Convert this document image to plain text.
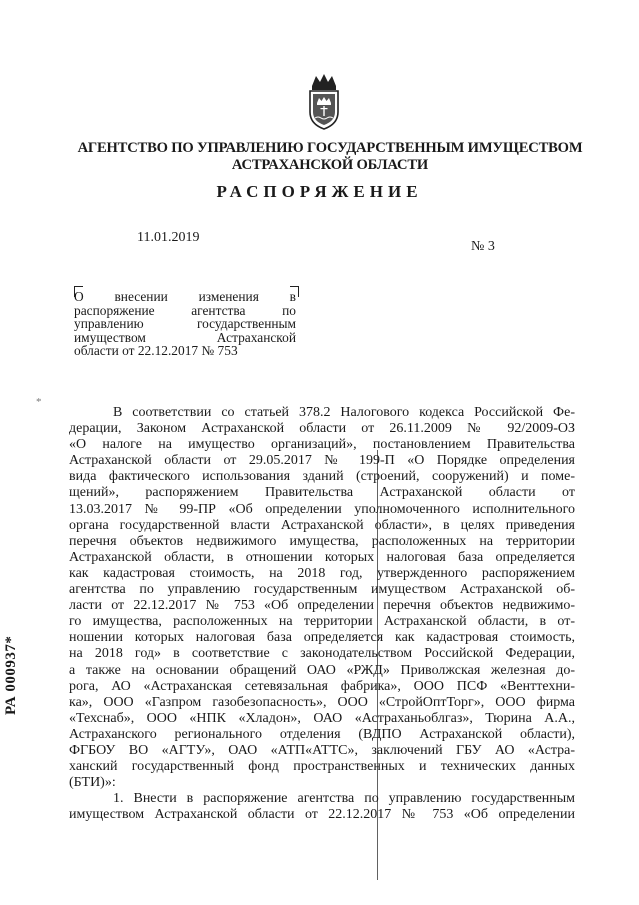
АГЕНТСТВО ПО УПРАВЛЕНИЮ ГОСУДАРСТВЕННЫМ ИМУЩЕСТВОМ
АСТРАХАНСКОЙ ОБЛАСТИ
РАСПОРЯЖЕНИЕ
11.01.2019
№ 3
О внесении изменения в
распоряжение агентства по
управлению государственным
имуществом Астраханской
области от 22.12.2017 № 753
В соответствии со статьей 378.2 Налогового кодекса Российской Фе-
дерации, Законом Астраханской области от 26.11.2009 № 92/2009-ОЗ
«О налоге на имущество организаций», постановлением Правительства
Астраханской области от 29.05.2017 № 199-П «О Порядке определения
вида фактического использования зданий (строений, сооружений) и поме-
щений», распоряжением Правительства Астраханской области от
13.03.2017 № 99-ПР «Об определении уполномоченного исполнительного
органа государственной власти Астраханской области», в целях приведения
перечня объектов недвижимого имущества, расположенных на территории
Астраханской области, в отношении которых налоговая база определяется
как кадастровая стоимость, на 2018 год, утвержденного распоряжением
агентства по управлению государственным имуществом Астраханской об-
ласти от 22.12.2017 № 753 «Об определении перечня объектов недвижимо-
го имущества, расположенных на территории Астраханской области, в от-
ношении которых налоговая база определяется как кадастровая стоимость,
на 2018 год» в соответствие с законодательством Российской Федерации,
а также на основании обращений ОАО «РЖД» Приволжская железная до-
рога, АО «Астраханская сетевязальная фабрика», ООО ПСФ «Венттехни-
ка», ООО «Газпром газобезопасность», ООО «СтройОптТорг», ООО фирма
«Техснаб», ООО «НПК «Хладон», ОАО «Астраханьоблгаз», Тюрина А.А.,
Астраханского регионального отделения (ВДПО Астраханской области),
ФГБОУ ВО «АГТУ», ОАО «АТП«АТТС», заключений ГБУ АО «Астра-
ханский государственный фонд пространственных и технических данных
(БТИ)»:
1. Внести в распоряжение агентства по управлению государственным
имуществом Астраханской области от 22.12.2017 № 753 «Об определении
*
РА 000937*
